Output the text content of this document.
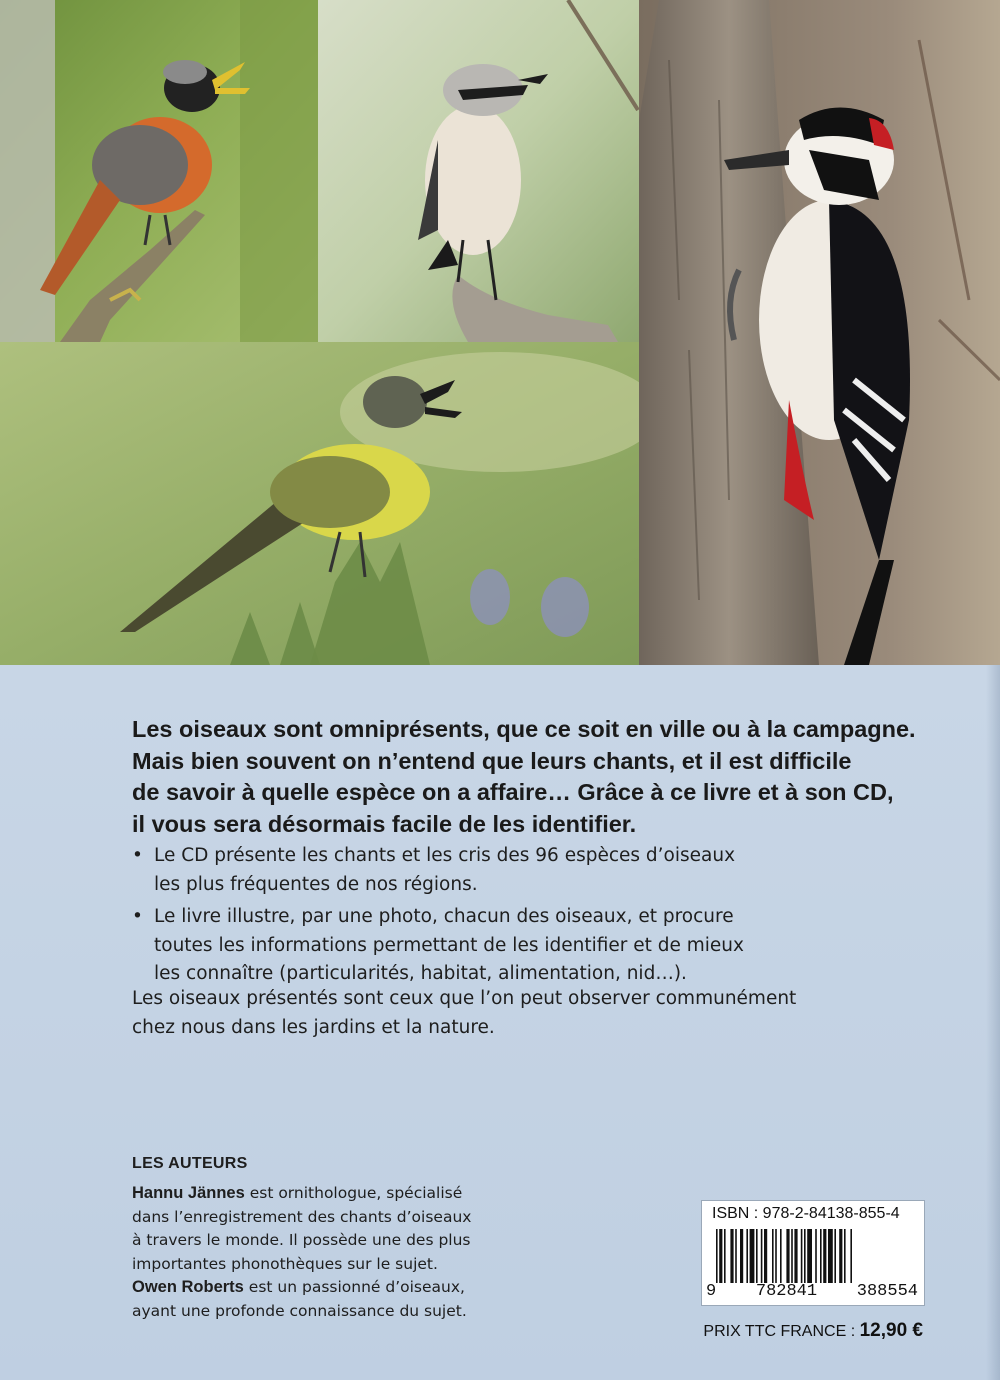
Les oiseaux sont omniprésents, que ce soit en ville ou à la campagne.
Mais bien souvent on n’entend que leurs chants, et il est difficile
de savoir à quelle espèce on a affaire… Grâce à ce livre et à son CD,
il vous sera désormais facile de les identifier.
• Le CD présente les chants et les cris des 96 espèces d’oiseaux
les plus fréquentes de nos régions.
• Le livre illustre, par une photo, chacun des oiseaux, et procure
toutes les informations permettant de les identifier et de mieux
les connaître (particularités, habitat, alimentation, nid…).
Les oiseaux présentés sont ceux que l’on peut observer communément
chez nous dans les jardins et la nature.
LES AUTEURS
Hannu Jännes est ornithologue, spécialisé
dans l’enregistrement des chants d’oiseaux
à travers le monde. Il possède une des plus
importantes phonothèques sur le sujet.
Owen Roberts est un passionné d’oiseaux,
ayant une profonde connaissance du sujet.
ISBN : 978-2-84138-855-4
9 782841 388554
PRIX TTC FRANCE : 12,90 €
